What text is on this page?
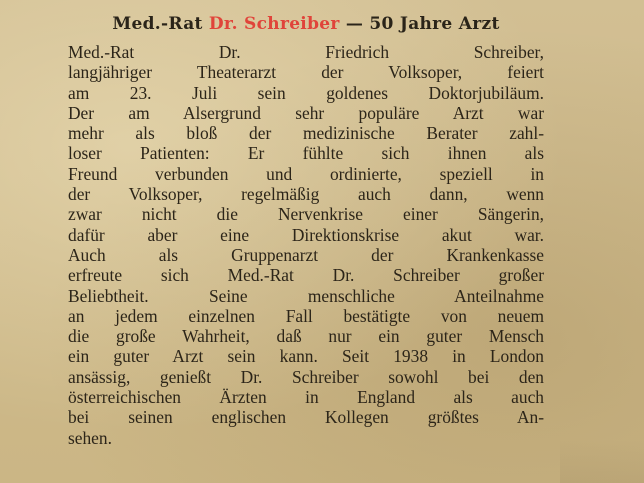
Med.-Rat Dr. Schreiber — 50 Jahre Arzt
Med.-Rat Dr. Friedrich Schreiber,
langjähriger Theaterarzt der Volksoper, feiert
am 23. Juli sein goldenes Doktorjubiläum.
Der am Alsergrund sehr populäre Arzt war
mehr als bloß der medizinische Berater zahl-
loser Patienten: Er fühlte sich ihnen als
Freund verbunden und ordinierte, speziell in
der Volksoper, regelmäßig auch dann, wenn
zwar nicht die Nervenkrise einer Sängerin,
dafür aber eine Direktionskrise akut war.
Auch als Gruppenarzt der Krankenkasse
erfreute sich Med.-Rat Dr. Schreiber großer
Beliebtheit. Seine menschliche Anteilnahme
an jedem einzelnen Fall bestätigte von neuem
die große Wahrheit, daß nur ein guter Mensch
ein guter Arzt sein kann. Seit 1938 in London
ansässig, genießt Dr. Schreiber sowohl bei den
österreichischen Ärzten in England als auch
bei seinen englischen Kollegen größtes An-
sehen.
